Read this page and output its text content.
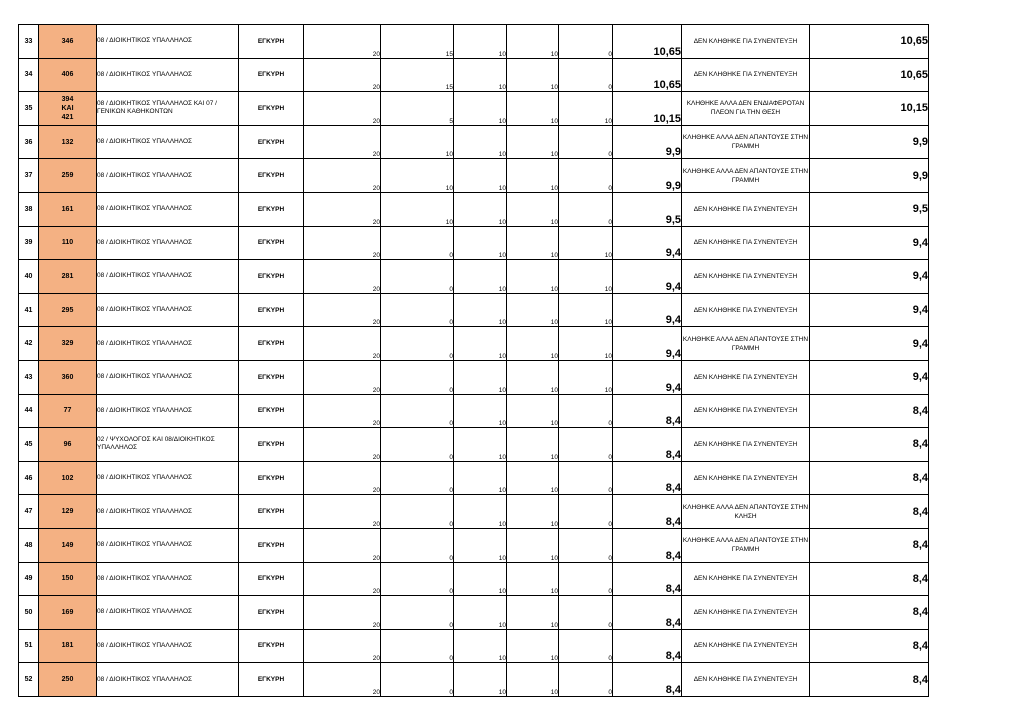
33	346	08 / ΔΙΟΙΚΗΤΙΚΟΣ ΥΠΑΛΛΗΛΟΣ	ΕΓΚΥΡΗ	20	15	10	10	0	10,65	ΔΕΝ ΚΛΗΘΗΚΕ ΓΙΑ ΣΥΝΕΝΤΕΥΞΗ	10,65
34	406	08 / ΔΙΟΙΚΗΤΙΚΟΣ ΥΠΑΛΛΗΛΟΣ	ΕΓΚΥΡΗ	20	15	10	10	0	10,65	ΔΕΝ ΚΛΗΘΗΚΕ ΓΙΑ ΣΥΝΕΝΤΕΥΞΗ	10,65
35	394
ΚΑΙ
421	08 / ΔΙΟΙΚΗΤΙΚΟΣ ΥΠΑΛΛΗΛΟΣ ΚΑΙ 07 /ΓΕΝΙΚΩΝ ΚΑΘΗΚΟΝΤΩΝ	ΕΓΚΥΡΗ	20	5	10	10	10	10,15	ΚΛΗΘΗΚΕ ΑΛΛΑ ΔΕΝ ΕΝΔΙΑΦΕΡΟΤΑΝ ΠΛΕΟΝ ΓΙΑ ΤΗΝ ΘΕΣΗ	10,15
36	132	08 / ΔΙΟΙΚΗΤΙΚΟΣ ΥΠΑΛΛΗΛΟΣ	ΕΓΚΥΡΗ	20	10	10	10	0	9,9	ΚΛΗΘΗΚΕ ΑΛΛΑ ΔΕΝ ΑΠΑΝΤΟΥΣΕ ΣΤΗΝ ΓΡΑΜΜΗ	9,9
37	259	08 / ΔΙΟΙΚΗΤΙΚΟΣ ΥΠΑΛΛΗΛΟΣ	ΕΓΚΥΡΗ	20	10	10	10	0	9,9	ΚΛΗΘΗΚΕ ΑΛΛΑ ΔΕΝ ΑΠΑΝΤΟΥΣΕ ΣΤΗΝ ΓΡΑΜΜΗ	9,9
38	161	08 / ΔΙΟΙΚΗΤΙΚΟΣ ΥΠΑΛΛΗΛΟΣ	ΕΓΚΥΡΗ	20	10	10	10	0	9,5	ΔΕΝ ΚΛΗΘΗΚΕ ΓΙΑ ΣΥΝΕΝΤΕΥΞΗ	9,5
39	110	08 / ΔΙΟΙΚΗΤΙΚΟΣ ΥΠΑΛΛΗΛΟΣ	ΕΓΚΥΡΗ	20	0	10	10	10	9,4	ΔΕΝ ΚΛΗΘΗΚΕ ΓΙΑ ΣΥΝΕΝΤΕΥΞΗ	9,4
40	281	08 / ΔΙΟΙΚΗΤΙΚΟΣ ΥΠΑΛΛΗΛΟΣ	ΕΓΚΥΡΗ	20	0	10	10	10	9,4	ΔΕΝ ΚΛΗΘΗΚΕ ΓΙΑ ΣΥΝΕΝΤΕΥΞΗ	9,4
41	295	08 / ΔΙΟΙΚΗΤΙΚΟΣ ΥΠΑΛΛΗΛΟΣ	ΕΓΚΥΡΗ	20	0	10	10	10	9,4	ΔΕΝ ΚΛΗΘΗΚΕ ΓΙΑ ΣΥΝΕΝΤΕΥΞΗ	9,4
42	329	08 / ΔΙΟΙΚΗΤΙΚΟΣ ΥΠΑΛΛΗΛΟΣ	ΕΓΚΥΡΗ	20	0	10	10	10	9,4	ΚΛΗΘΗΚΕ ΑΛΛΑ ΔΕΝ ΑΠΑΝΤΟΥΣΕ ΣΤΗΝ ΓΡΑΜΜΗ	9,4
43	360	08 / ΔΙΟΙΚΗΤΙΚΟΣ ΥΠΑΛΛΗΛΟΣ	ΕΓΚΥΡΗ	20	0	10	10	10	9,4	ΔΕΝ ΚΛΗΘΗΚΕ ΓΙΑ ΣΥΝΕΝΤΕΥΞΗ	9,4
44	77	08 / ΔΙΟΙΚΗΤΙΚΟΣ ΥΠΑΛΛΗΛΟΣ	ΕΓΚΥΡΗ	20	0	10	10	0	8,4	ΔΕΝ ΚΛΗΘΗΚΕ ΓΙΑ ΣΥΝΕΝΤΕΥΞΗ	8,4
45	96	02 / ΨΥΧΟΛΟΓΟΣ ΚΑΙ 08/ΔΙΟΙΚΗΤΙΚΟΣ ΥΠΑΛΛΗΛΟΣ	ΕΓΚΥΡΗ	20	0	10	10	0	8,4	ΔΕΝ ΚΛΗΘΗΚΕ ΓΙΑ ΣΥΝΕΝΤΕΥΞΗ	8,4
46	102	08 / ΔΙΟΙΚΗΤΙΚΟΣ ΥΠΑΛΛΗΛΟΣ	ΕΓΚΥΡΗ	20	0	10	10	0	8,4	ΔΕΝ ΚΛΗΘΗΚΕ ΓΙΑ ΣΥΝΕΝΤΕΥΞΗ	8,4
47	129	08 / ΔΙΟΙΚΗΤΙΚΟΣ ΥΠΑΛΛΗΛΟΣ	ΕΓΚΥΡΗ	20	0	10	10	0	8,4	ΚΛΗΘΗΚΕ ΑΛΛΑ ΔΕΝ ΑΠΑΝΤΟΥΣΕ ΣΤΗΝ ΚΛΗΣΗ	8,4
48	149	08 / ΔΙΟΙΚΗΤΙΚΟΣ ΥΠΑΛΛΗΛΟΣ	ΕΓΚΥΡΗ	20	0	10	10	0	8,4	ΚΛΗΘΗΚΕ ΑΛΛΑ ΔΕΝ ΑΠΑΝΤΟΥΣΕ ΣΤΗΝ ΓΡΑΜΜΗ	8,4
49	150	08 / ΔΙΟΙΚΗΤΙΚΟΣ ΥΠΑΛΛΗΛΟΣ	ΕΓΚΥΡΗ	20	0	10	10	0	8,4	ΔΕΝ ΚΛΗΘΗΚΕ ΓΙΑ ΣΥΝΕΝΤΕΥΞΗ	8,4
50	169	08 / ΔΙΟΙΚΗΤΙΚΟΣ ΥΠΑΛΛΗΛΟΣ	ΕΓΚΥΡΗ	20	0	10	10	0	8,4	ΔΕΝ ΚΛΗΘΗΚΕ ΓΙΑ ΣΥΝΕΝΤΕΥΞΗ	8,4
51	181	08 / ΔΙΟΙΚΗΤΙΚΟΣ ΥΠΑΛΛΗΛΟΣ	ΕΓΚΥΡΗ	20	0	10	10	0	8,4	ΔΕΝ ΚΛΗΘΗΚΕ ΓΙΑ ΣΥΝΕΝΤΕΥΞΗ	8,4
52	250	08 / ΔΙΟΙΚΗΤΙΚΟΣ ΥΠΑΛΛΗΛΟΣ	ΕΓΚΥΡΗ	20	0	10	10	0	8,4	ΔΕΝ ΚΛΗΘΗΚΕ ΓΙΑ ΣΥΝΕΝΤΕΥΞΗ	8,4
